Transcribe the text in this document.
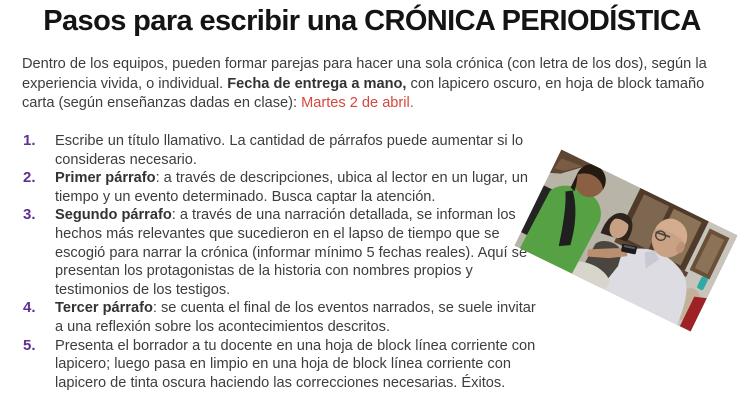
Pasos para escribir una CRÓNICA PERIODÍSTICA
Dentro de los equipos, pueden formar parejas para hacer una sola crónica (con letra de los dos), según la experiencia vivida, o individual. Fecha de entrega a mano, con lapicero oscuro, en hoja de block tamaño carta (según enseñanzas dadas en clase): Martes 2 de abril.
1. Escribe un título llamativo. La cantidad de párrafos puede aumentar si lo consideras necesario.
2. Primer párrafo: a través de descripciones, ubica al lector en un lugar, un tiempo y un evento determinado. Busca captar la atención.
3. Segundo párrafo: a través de una narración detallada, se informan los hechos más relevantes que sucedieron en el lapso de tiempo que se escogió para narrar la crónica (informar mínimo 5 fechas reales). Aquí se presentan los protagonistas de la historia con nombres propios y testimonios de los testigos.
4. Tercer párrafo: se cuenta el final de los eventos narrados, se suele invitar a una reflexión sobre los acontecimientos descritos.
5. Presenta el borrador a tu docente en una hoja de block línea corriente con lapicero; luego pasa en limpio en una hoja de block línea corriente con lapicero de tinta oscura haciendo las correcciones necesarias. Éxitos.
